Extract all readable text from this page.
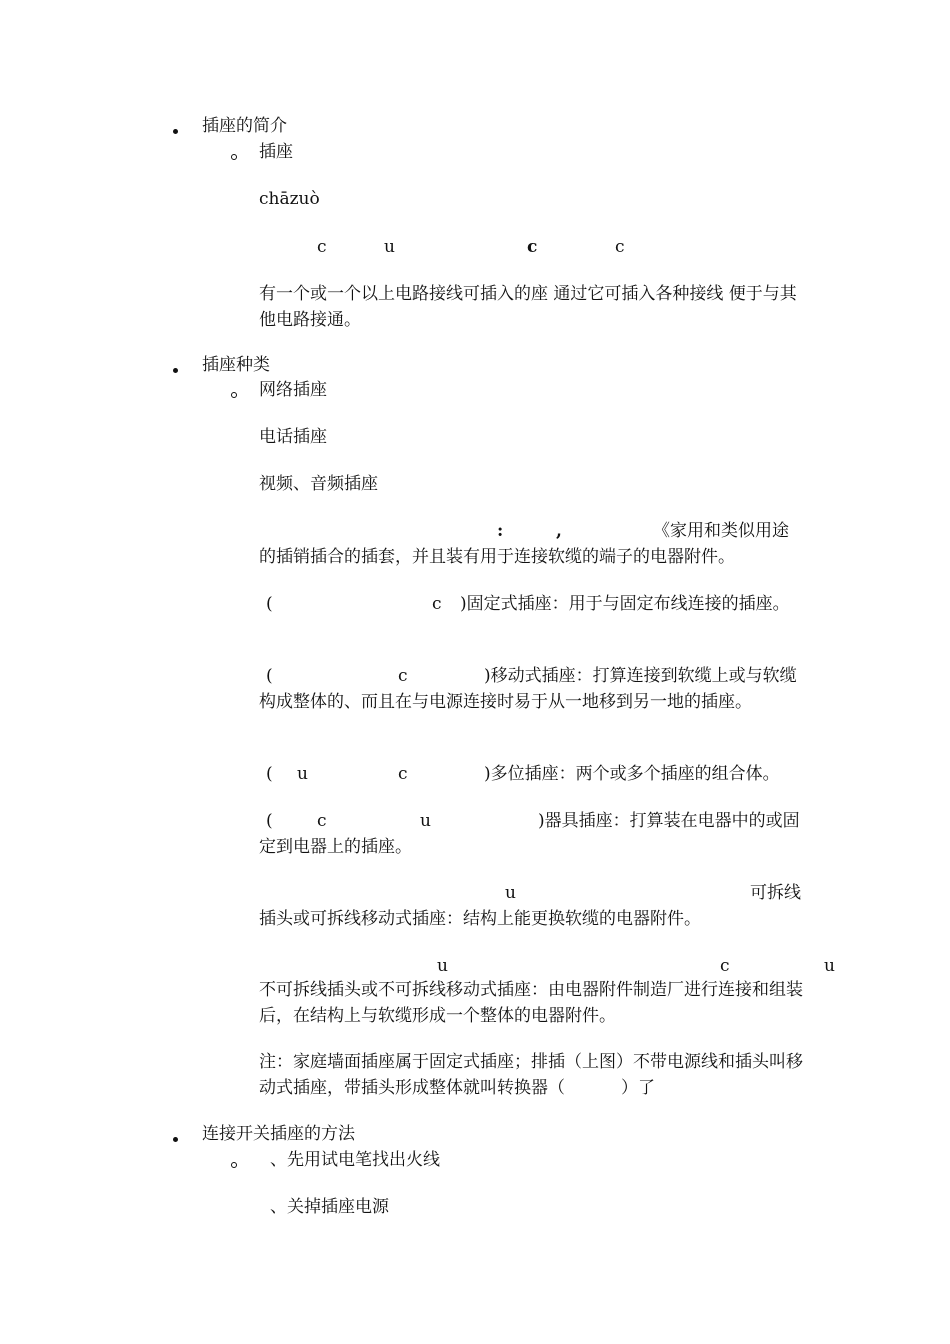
插座的简介
插座
chāzuò
c	u	c	c
有一个或一个以上电路接线可插入的座 通过它可插入各种接线 便于与其他电路接通。
插座种类
网络插座
电话插座
视频、音频插座
:	,	《家用和类似用途
的插销插合的插套，并且装有用于连接软缆的端子的电器附件。
(	c	)固定式插座：用于与固定布线连接的插座。
(	c	)移动式插座：打算连接到软缆上或与软缆构成整体的、而且在与电源连接时易于从一地移到另一地的插座。
( u	c	)多位插座：两个或多个插座的组合体。
(	c	u	)器具插座：打算装在电器中的或固定到电器上的插座。
u	可拆线
插头或可拆线移动式插座：结构上能更换软缆的电器附件。
u	c	u
不可拆线插头或不可拆线移动式插座：由电器附件制造厂进行连接和组装后，在结构上与软缆形成一个整体的电器附件。
注：家庭墙面插座属于固定式插座；排插（上图）不带电源线和插头叫移动式插座，带插头形成整体就叫转换器（	）了
连接开关插座的方法
、先用试电笔找出火线
、关掉插座电源
